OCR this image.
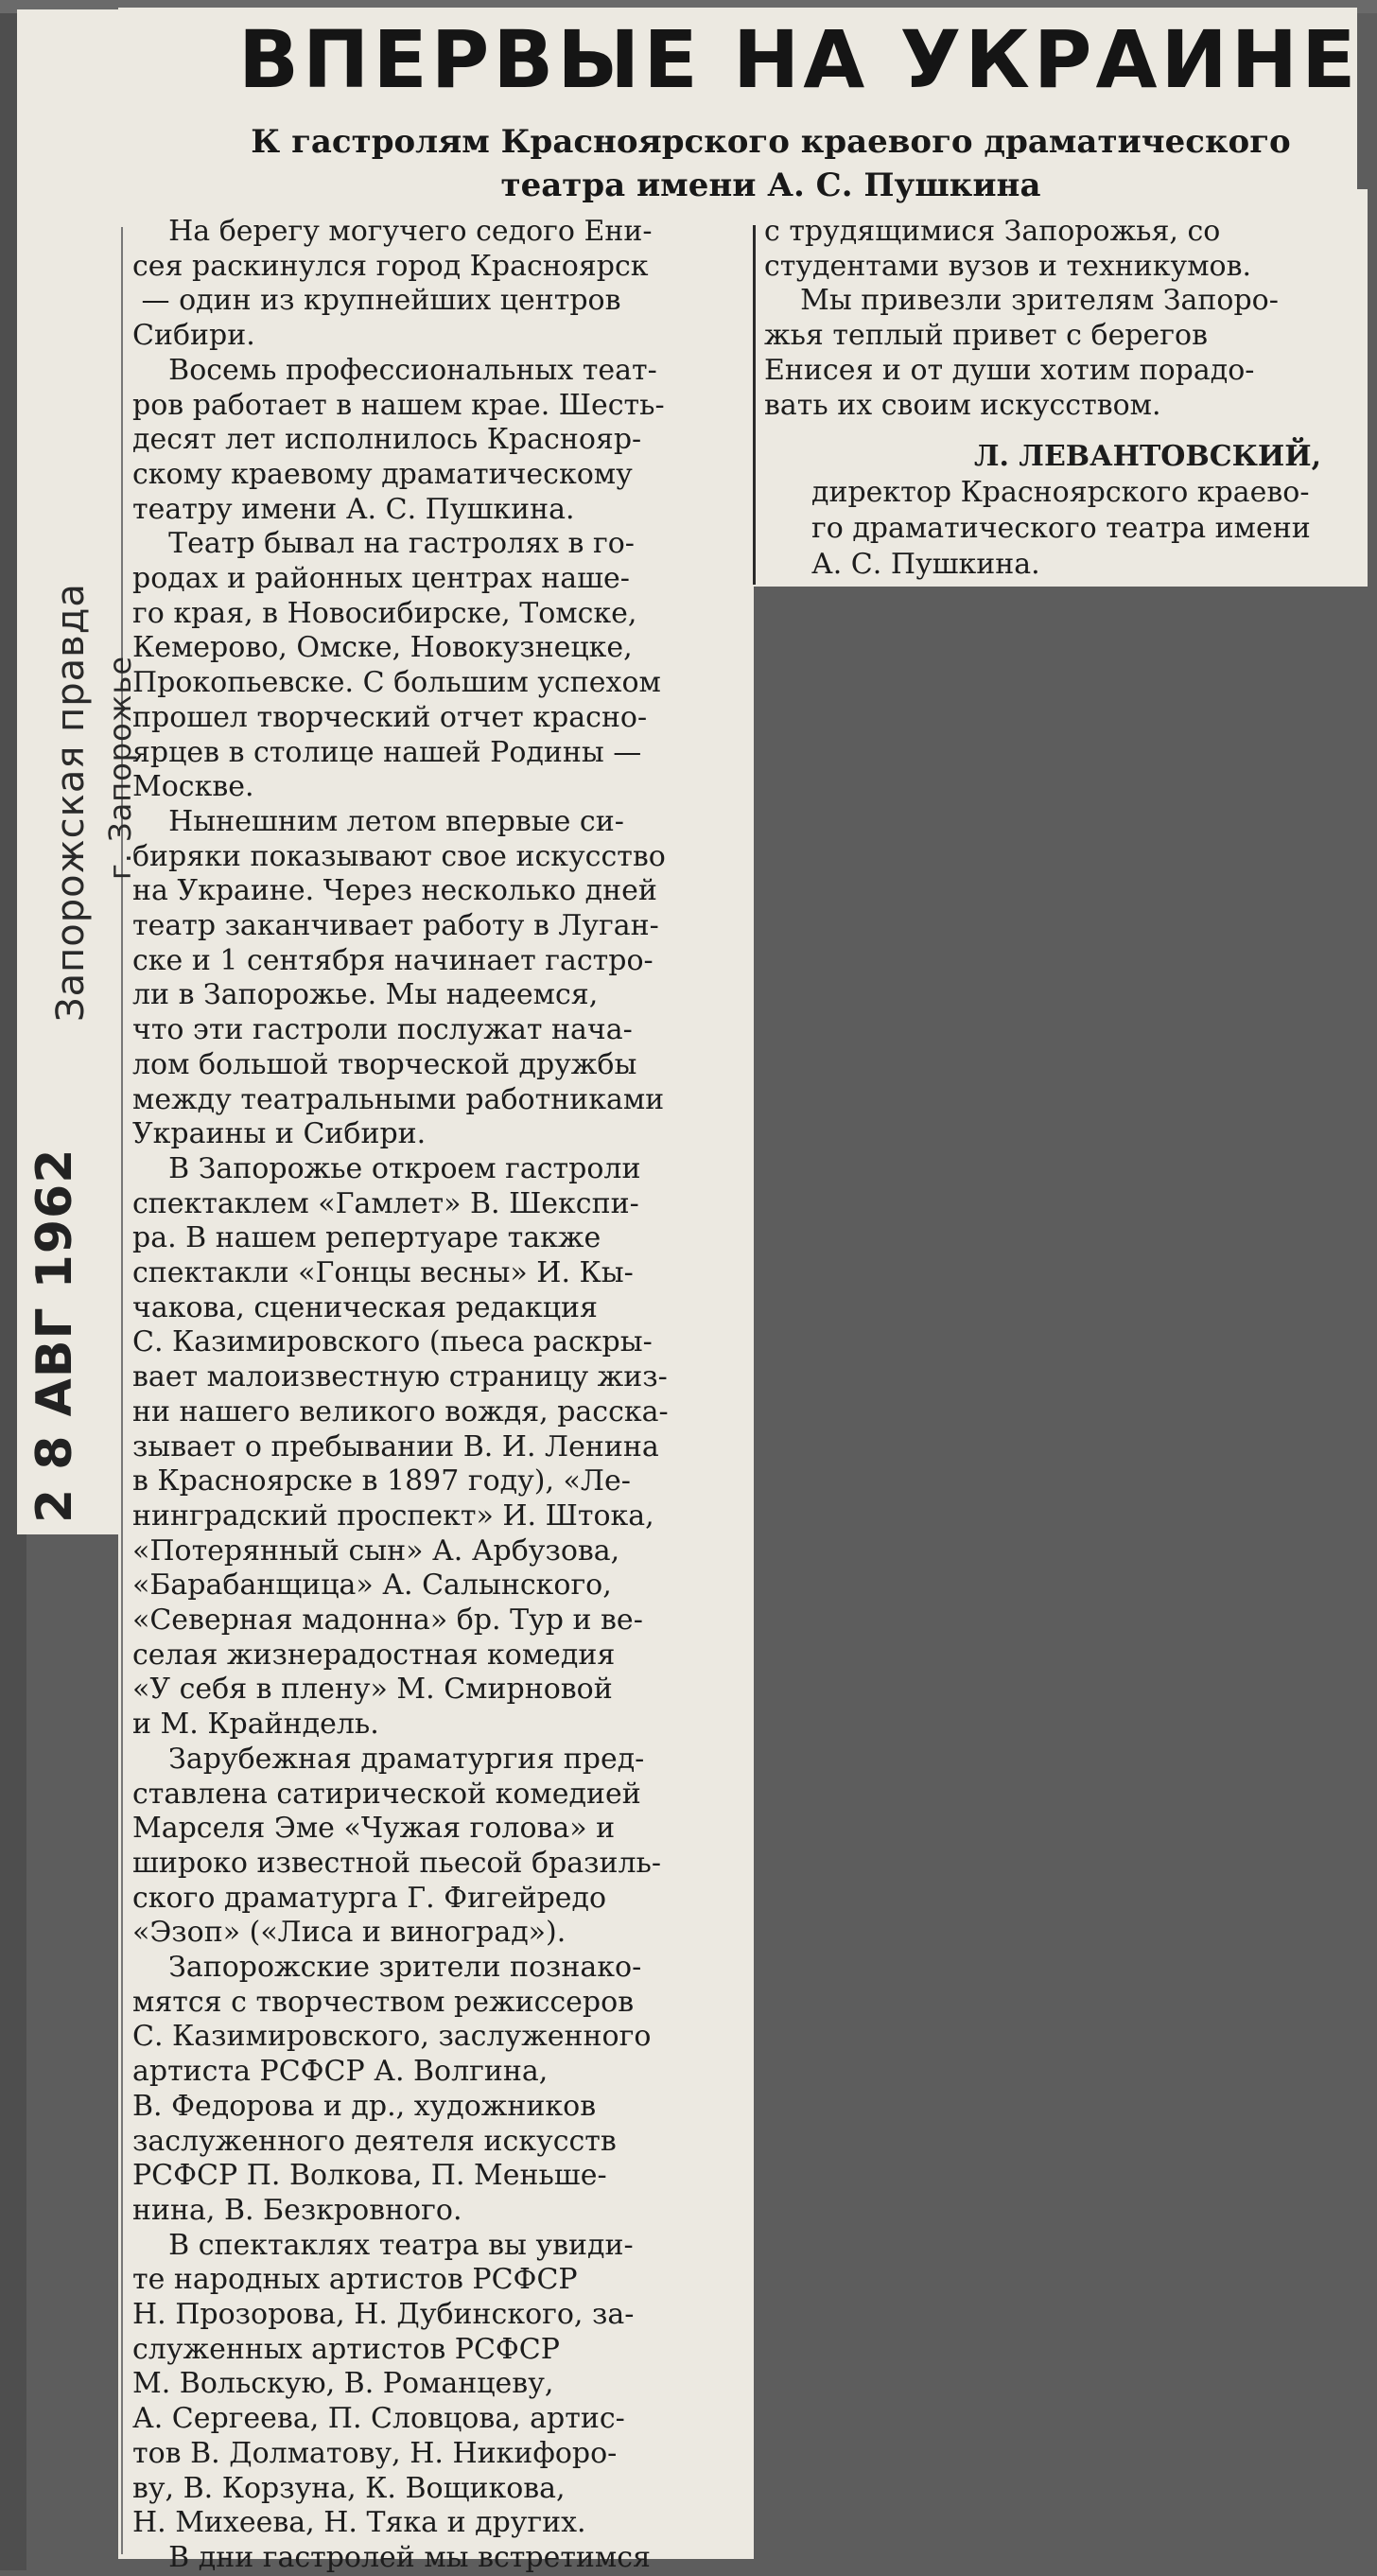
ВПЕРВЫЕ НА УКРАИНЕ
К гастролям Красноярского краевого драматического
театра имени А. С. Пушкина
Запорожская правда г. Запорожье
2 8 АВГ 1962
На берегу могучего седого Ени-
сея раскинулся город Красноярск
— один из крупнейших центров
Сибири.
Восемь профессиональных теат-
ров работает в нашем крае. Шесть-
десят лет исполнилось Краснояр-
скому краевому драматическому
театру имени А. С. Пушкина.
Театр бывал на гастролях в го-
родах и районных центрах наше-
го края, в Новосибирске, Томске,
Кемерово, Омске, Новокузнецке,
Прокопьевске. С большим успехом
прошел творческий отчет красно-
ярцев в столице нашей Родины —
Москве.
Нынешним летом впервые си-
биряки показывают свое искусство
на Украине. Через несколько дней
театр заканчивает работу в Луган-
ске и 1 сентября начинает гастро-
ли в Запорожье. Мы надеемся,
что эти гастроли послужат нача-
лом большой творческой дружбы
между театральными работниками
Украины и Сибири.
В Запорожье откроем гастроли
спектаклем «Гамлет» В. Шекспи-
ра. В нашем репертуаре также
спектакли «Гонцы весны» И. Кы-
чакова, сценическая редакция
С. Казимировского (пьеса раскры-
вает малоизвестную страницу жиз-
ни нашего великого вождя, расска-
зывает о пребывании В. И. Ленина
в Красноярске в 1897 году), «Ле-
нинградский проспект» И. Штока,
«Потерянный сын» А. Арбузова,
«Барабанщица» А. Салынского,
«Северная мадонна» бр. Тур и ве-
селая жизнерадостная комедия
«У себя в плену» М. Смирновой
и М. Крайндель.
Зарубежная драматургия пред-
ставлена сатирической комедией
Марселя Эме «Чужая голова» и
широко известной пьесой бразиль-
ского драматурга Г. Фигейредо
«Эзоп» («Лиса и виноград»).
Запорожские зрители познако-
мятся с творчеством режиссеров
С. Казимировского, заслуженного
артиста РСФСР А. Волгина,
В. Федорова и др., художников
заслуженного деятеля искусств
РСФСР П. Волкова, П. Меньше-
нина, В. Безкровного.
В спектаклях театра вы увиди-
те народных артистов РСФСР
Н. Прозорова, Н. Дубинского, за-
служенных артистов РСФСР
М. Вольскую, В. Романцеву,
А. Сергеева, П. Словцова, артис-
тов В. Долматову, Н. Никифоро-
ву, В. Корзуна, К. Вощикова,
Н. Михеева, Н. Тяка и других.
В дни гастролей мы встретимся
с трудящимися Запорожья, со
студентами вузов и техникумов.
Мы привезли зрителям Запоро-
жья теплый привет с берегов
Енисея и от души хотим порадо-
вать их своим искусством.
Л. ЛЕВАНТОВСКИЙ,
директор Красноярского краево-
го драматического театра имени
А. С. Пушкина.
